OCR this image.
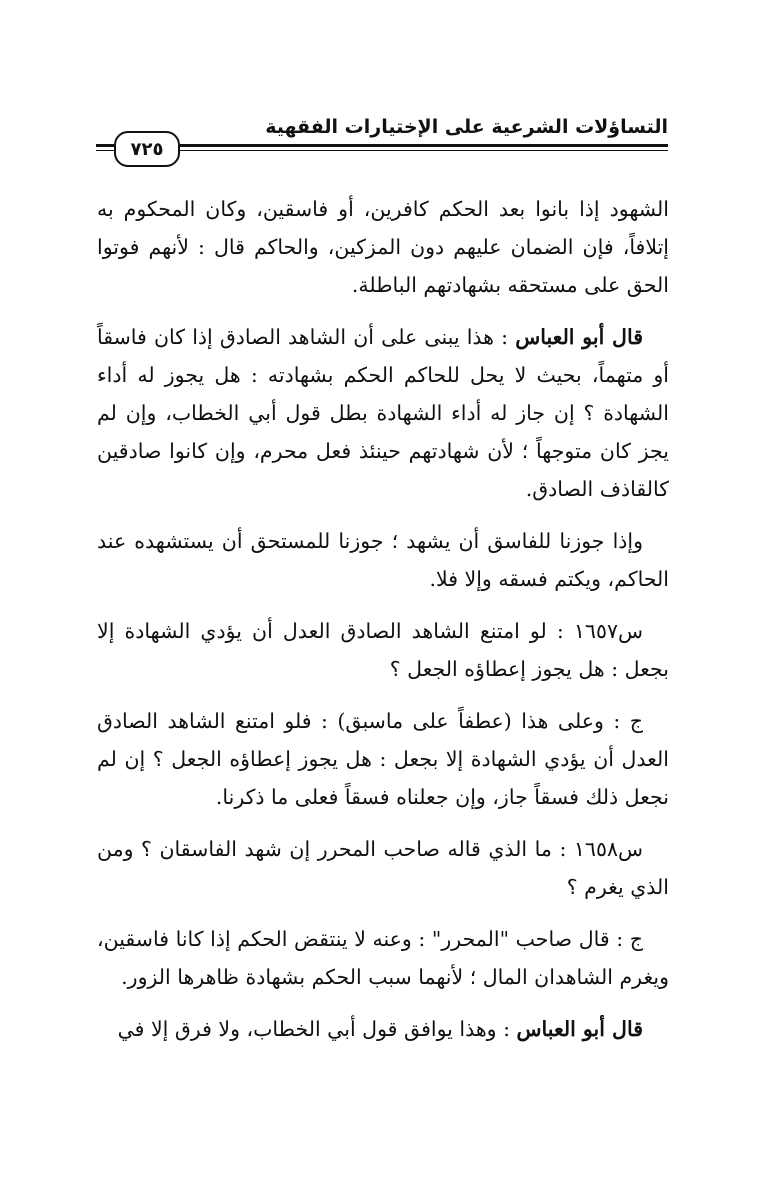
التساؤلات الشرعية على الإختيارات الفقهية
٧٢٥

الشهود إذا بانوا بعد الحكم كافرين، أو فاسقين، وكان المحكوم به إتلافاً، فإن الضمان عليهم دون المزكين، والحاكم قال : لأنهم فوتوا الحق على مستحقه بشهادتهم الباطلة.

قال أبو العباس : هذا يبنى على أن الشاهد الصادق إذا كان فاسقاً أو متهماً، بحيث لا يحل للحاكم الحكم بشهادته : هل يجوز له أداء الشهادة ؟ إن جاز له أداء الشهادة بطل قول أبي الخطاب، وإن لم يجز كان متوجهاً ؛ لأن شهادتهم حينئذ فعل محرم، وإن كانوا صادقين كالقاذف الصادق.

وإذا جوزنا للفاسق أن يشهد ؛ جوزنا للمستحق أن يستشهده عند الحاكم، ويكتم فسقه وإلا فلا.

س١٦٥٧ : لو امتنع الشاهد الصادق العدل أن يؤدي الشهادة إلا بجعل : هل يجوز إعطاؤه الجعل ؟

ج : وعلى هذا (عطفاً على ماسبق) : فلو امتنع الشاهد الصادق العدل أن يؤدي الشهادة إلا بجعل : هل يجوز إعطاؤه الجعل ؟ إن لم نجعل ذلك فسقاً جاز، وإن جعلناه فسقاً فعلى ما ذكرنا.

س١٦٥٨ : ما الذي قاله صاحب المحرر إن شهد الفاسقان ؟ ومن الذي يغرم ؟

ج : قال صاحب "المحرر" : وعنه لا ينتقض الحكم إذا كانا فاسقين، ويغرم الشاهدان المال ؛ لأنهما سبب الحكم بشهادة ظاهرها الزور.

قال أبو العباس : وهذا يوافق قول أبي الخطاب، ولا فرق إلا في
